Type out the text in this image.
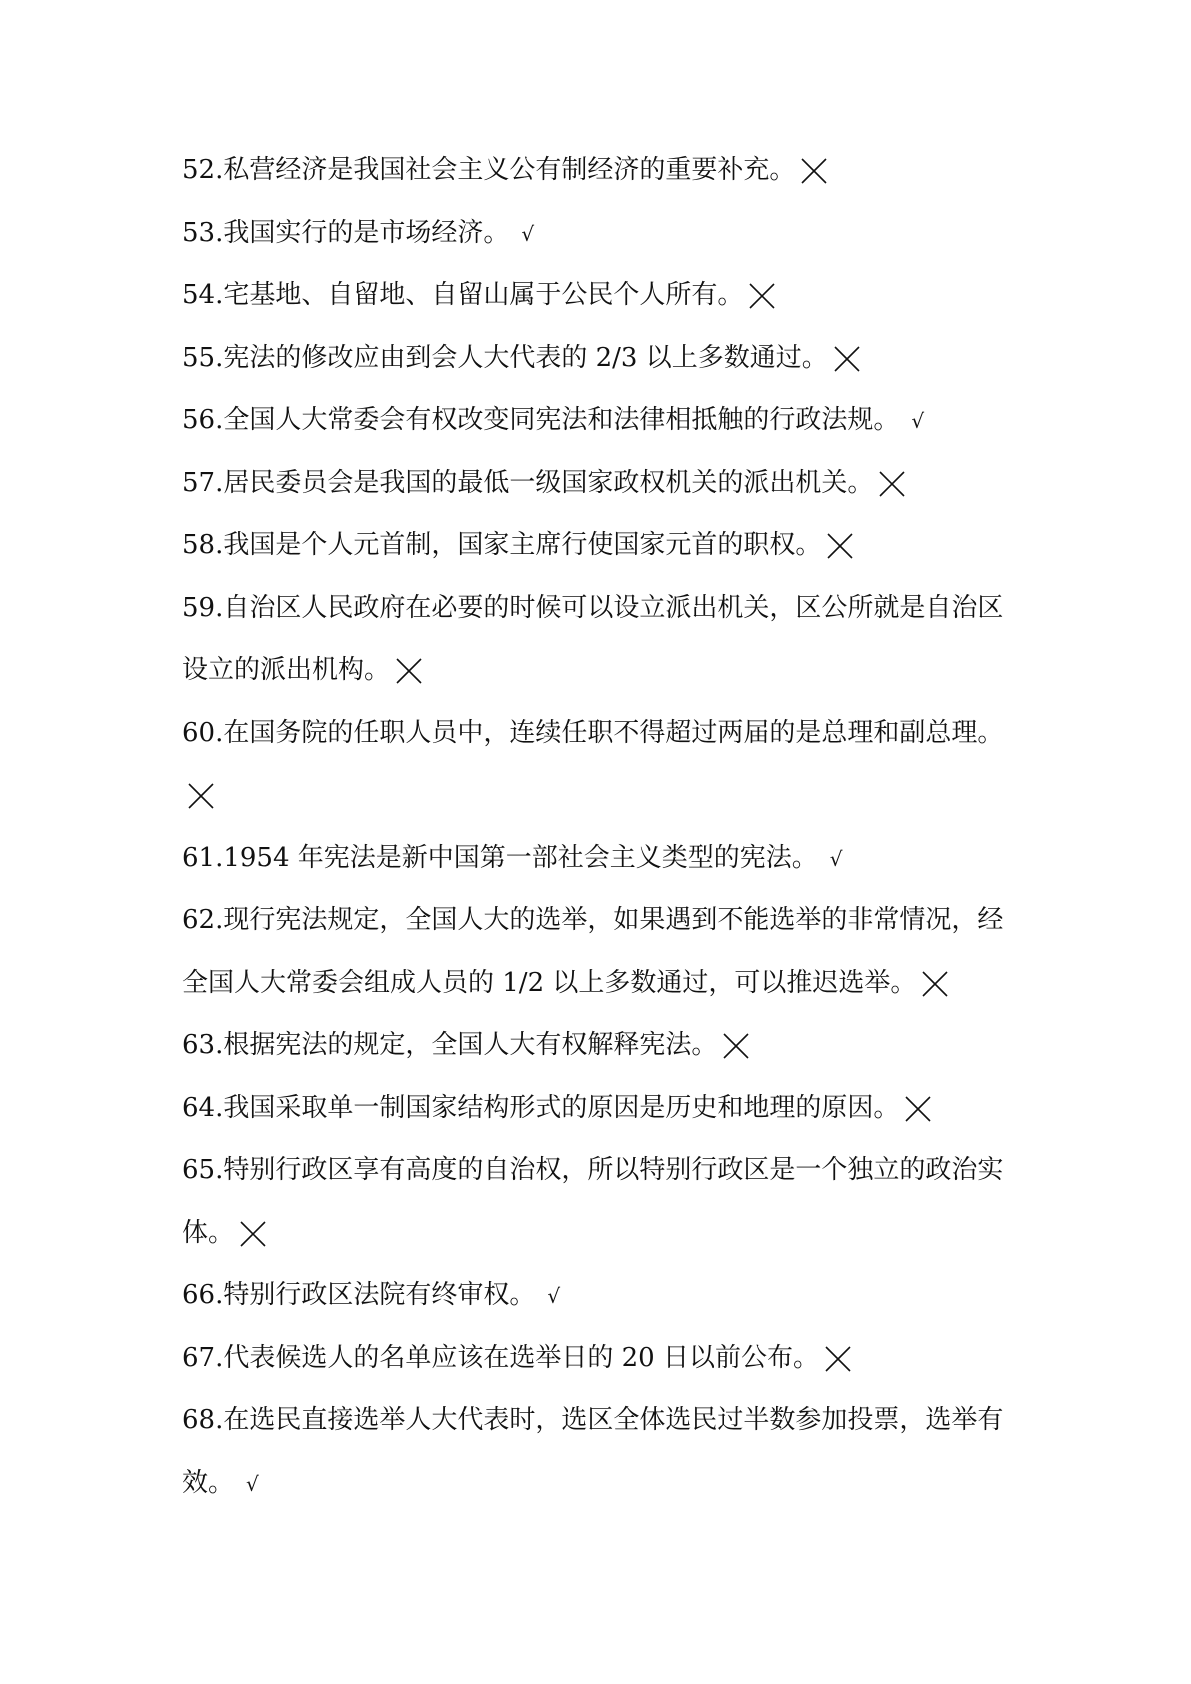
52.私营经济是我国社会主义公有制经济的重要补充。

53.我国实行的是市场经济。 √

54.宅基地、自留地、自留山属于公民个人所有。

55.宪法的修改应由到会人大代表的 2/3 以上多数通过。

56.全国人大常委会有权改变同宪法和法律相抵触的行政法规。 √

57.居民委员会是我国的最低一级国家政权机关的派出机关。

58.我国是个人元首制，国家主席行使国家元首的职权。

59.自治区人民政府在必要的时候可以设立派出机关，区公所就是自治区设立的派出机构。

60.在国务院的任职人员中，连续任职不得超过两届的是总理和副总理。

61.1954 年宪法是新中国第一部社会主义类型的宪法。 √

62.现行宪法规定，全国人大的选举，如果遇到不能选举的非常情况，经全国人大常委会组成人员的 1/2 以上多数通过，可以推迟选举。

63.根据宪法的规定，全国人大有权解释宪法。

64.我国采取单一制国家结构形式的原因是历史和地理的原因。

65.特别行政区享有高度的自治权，所以特别行政区是一个独立的政治实体。

66.特别行政区法院有终审权。 √

67.代表候选人的名单应该在选举日的 20 日以前公布。

68.在选民直接选举人大代表时，选区全体选民过半数参加投票，选举有效。 √
